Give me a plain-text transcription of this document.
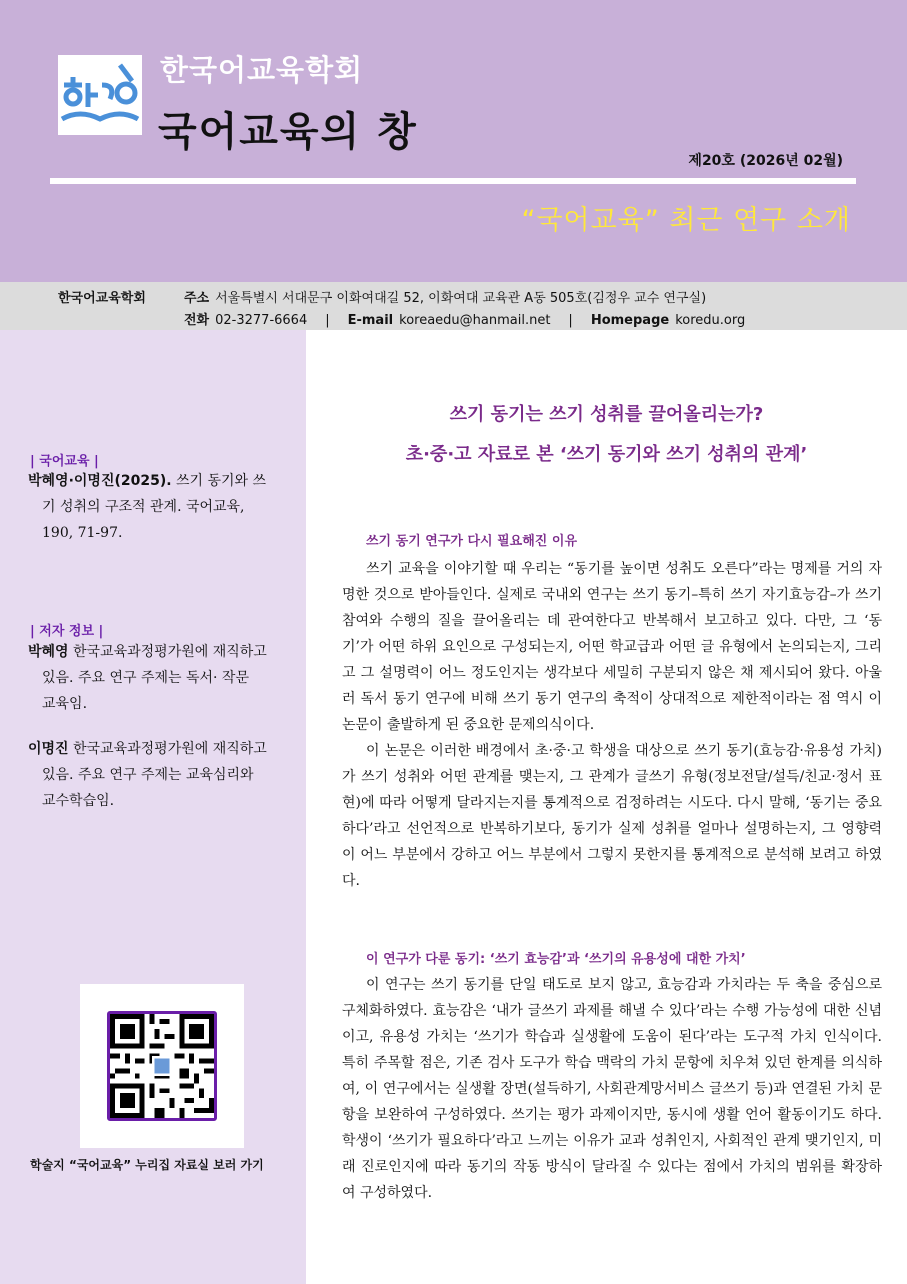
한국어교육학회
국어교육의 창
제20호 (2026년 02월)
“국어교육” 최근 연구 소개
한국어교육학회	주소 서울특별시 서대문구 이화여대길 52, 이화여대 교육관 A동 505호(김정우 교수 연구실)
전화 02-3277-6664 | E-mail koreaedu@hanmail.net | Homepage koredu.org
| 국어교육 |
박혜영·이명진(2025). 쓰기 동기와 쓰
기 성취의 구조적 관계. 국어교육,
190, 71-97.
| 저자 정보 |
박혜영 한국교육과정평가원에 재직하고
있음. 주요 연구 주제는 독서· 작문
교육임.
이명진 한국교육과정평가원에 재직하고
있음. 주요 연구 주제는 교육심리와
교수학습임.
학술지 “국어교육” 누리집 자료실 보러 가기
쓰기 동기는 쓰기 성취를 끌어올리는가?
초·중·고 자료로 본 ‘쓰기 동기와 쓰기 성취의 관계’
쓰기 동기 연구가 다시 필요해진 이유

쓰기 교육을 이야기할 때 우리는 “동기를 높이면 성취도 오른다”라는 명제를 거의 자명한 것으로 받아들인다. 실제로 국내외 연구는 쓰기 동기–특히 쓰기 자기효능감–가 쓰기 참여와 수행의 질을 끌어올리는 데 관여한다고 반복해서 보고하고 있다. 다만, 그 ‘동기’가 어떤 하위 요인으로 구성되는지, 어떤 학교급과 어떤 글 유형에서 논의되는지, 그리고 그 설명력이 어느 정도인지는 생각보다 세밀히 구분되지 않은 채 제시되어 왔다. 아울러 독서 동기 연구에 비해 쓰기 동기 연구의 축적이 상대적으로 제한적이라는 점 역시 이 논문이 출발하게 된 중요한 문제의식이다.

이 논문은 이러한 배경에서 초·중·고 학생을 대상으로 쓰기 동기(효능감·유용성 가치)가 쓰기 성취와 어떤 관계를 맺는지, 그 관계가 글쓰기 유형(정보전달/설득/친교·정서 표현)에 따라 어떻게 달라지는지를 통계적으로 검정하려는 시도다. 다시 말해, ‘동기는 중요하다’라고 선언적으로 반복하기보다, 동기가 실제 성취를 얼마나 설명하는지, 그 영향력이 어느 부분에서 강하고 어느 부분에서 그렇지 못한지를 통계적으로 분석해 보려고 하였다.

이 연구가 다룬 동기: ‘쓰기 효능감’과 ‘쓰기의 유용성에 대한 가치’

이 연구는 쓰기 동기를 단일 태도로 보지 않고, 효능감과 가치라는 두 축을 중심으로 구체화하였다. 효능감은 ‘내가 글쓰기 과제를 해낼 수 있다’라는 수행 가능성에 대한 신념이고, 유용성 가치는 ‘쓰기가 학습과 실생활에 도움이 된다’라는 도구적 가치 인식이다. 특히 주목할 점은, 기존 검사 도구가 학습 맥락의 가치 문항에 치우쳐 있던 한계를 의식하여, 이 연구에서는 실생활 장면(설득하기, 사회관계망서비스 글쓰기 등)과 연결된 가치 문항을 보완하여 구성하였다. 쓰기는 평가 과제이지만, 동시에 생활 언어 활동이기도 하다. 학생이 ‘쓰기가 필요하다’라고 느끼는 이유가 교과 성취인지, 사회적인 관계 맺기인지, 미래 진로인지에 따라 동기의 작동 방식이 달라질 수 있다는 점에서 가치의 범위를 확장하여 구성하였다.
